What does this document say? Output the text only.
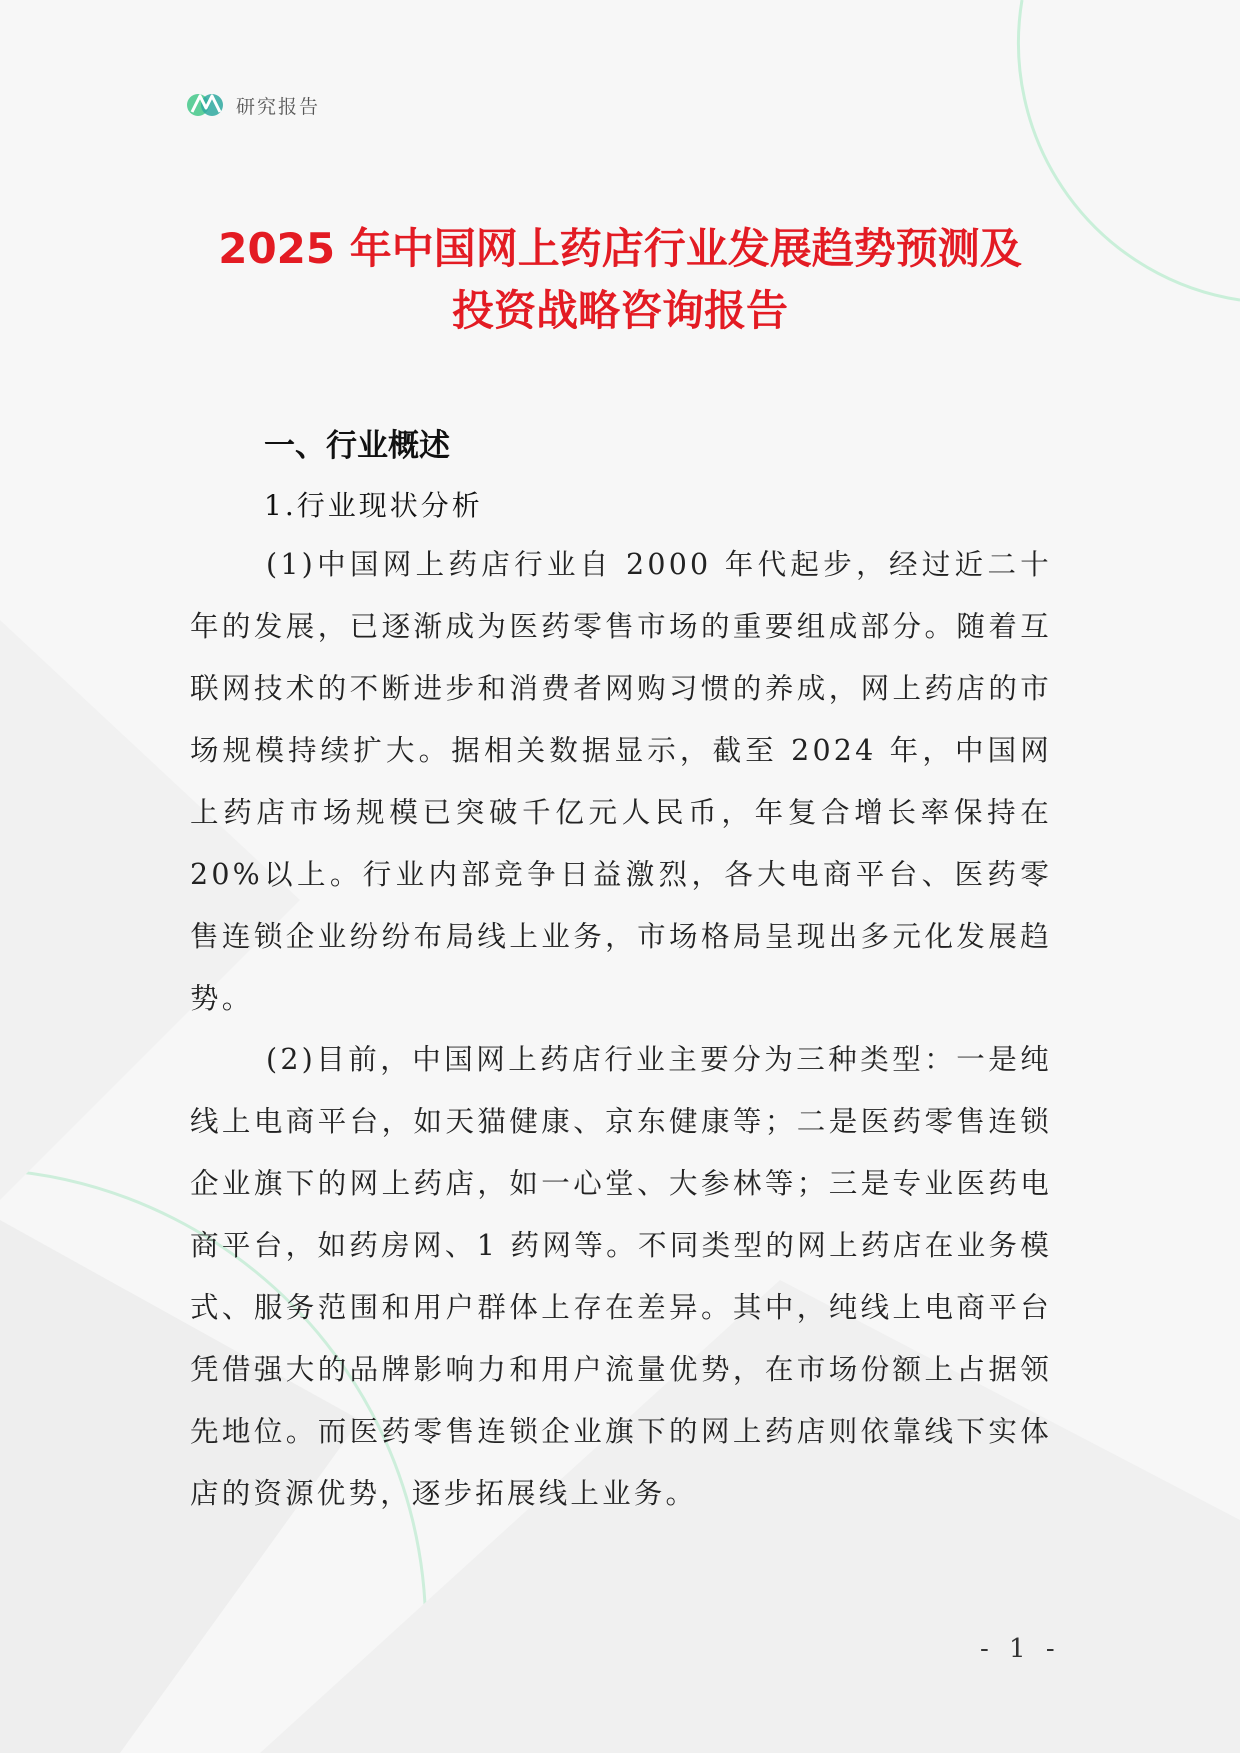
研究报告
2025 年中国网上药店行业发展趋势预测及
投资战略咨询报告
一、行业概述
1.行业现状分析

(1)中国网上药店行业自 2000 年代起步，经过近二十年的发展，已逐渐成为医药零售市场的重要组成部分。随着互联网技术的不断进步和消费者网购习惯的养成，网上药店的市场规模持续扩大。据相关数据显示，截至 2024 年，中国网上药店市场规模已突破千亿元人民币，年复合增长率保持在 20%以上。行业内部竞争日益激烈，各大电商平台、医药零售连锁企业纷纷布局线上业务，市场格局呈现出多元化发展趋势。

(2)目前，中国网上药店行业主要分为三种类型：一是纯线上电商平台，如天猫健康、京东健康等；二是医药零售连锁企业旗下的网上药店，如一心堂、大参林等；三是专业医药电商平台，如药房网、1 药网等。不同类型的网上药店在业务模式、服务范围和用户群体上存在差异。其中，纯线上电商平台凭借强大的品牌影响力和用户流量优势，在市场份额上占据领先地位。而医药零售连锁企业旗下的网上药店则依靠线下实体店的资源优势，逐步拓展线上业务。

- 1 -
